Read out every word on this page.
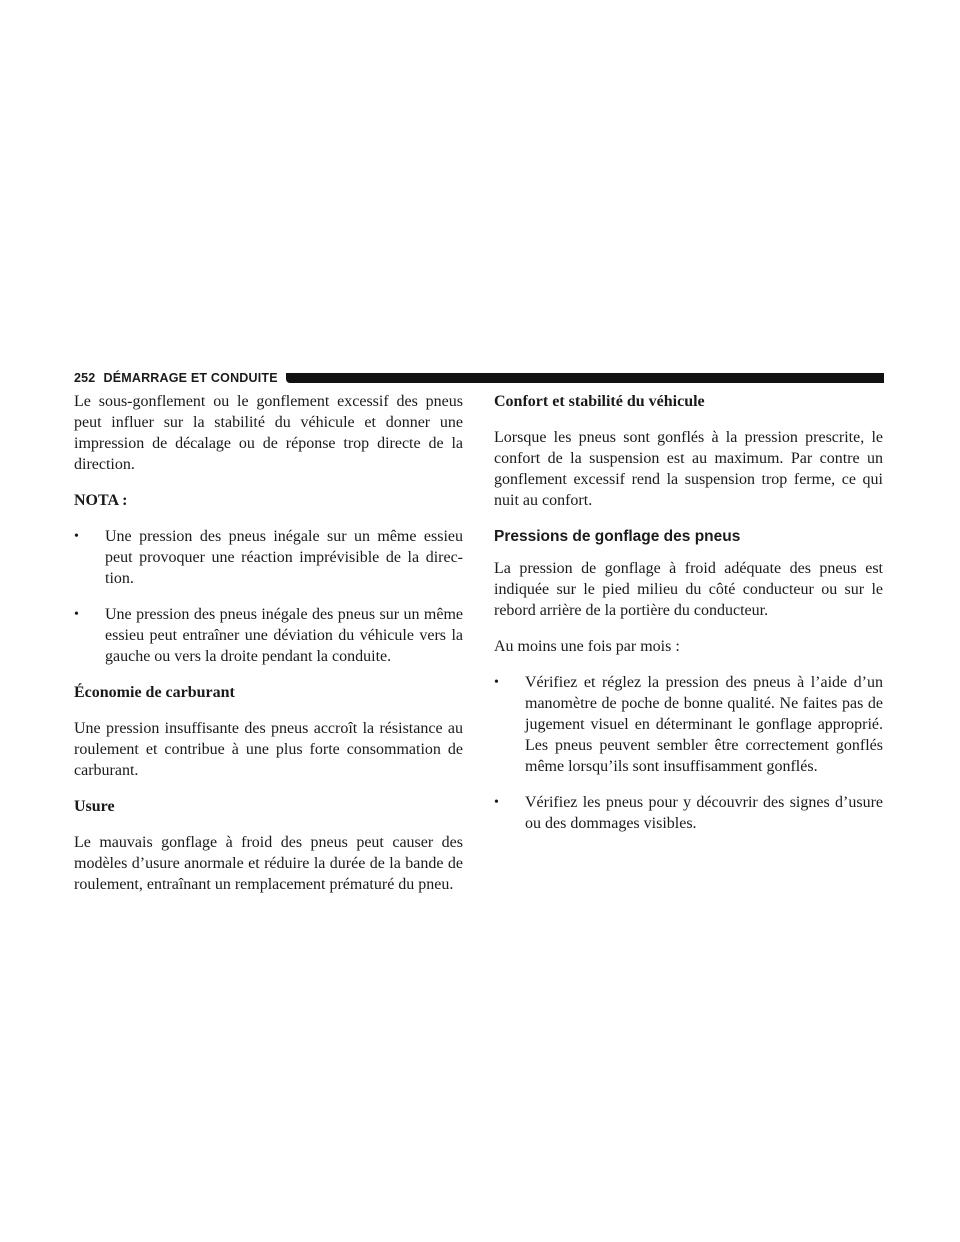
252 DÉMARRAGE ET CONDUITE

Le sous-gonflement ou le gonflement excessif des pneus peut influer sur la stabilité du véhicule et donner une impression de décalage ou de réponse trop directe de la direction.

NOTA :
•	Une pression des pneus inégale sur un même essieu peut provoquer une réaction imprévisible de la direc-tion.
•	Une pression des pneus inégale des pneus sur un même essieu peut entraîner une déviation du véhicule vers la gauche ou vers la droite pendant la conduite.
Économie de carburant

Une pression insuffisante des pneus accroît la résistance au roulement et contribue à une plus forte consommation de carburant.

Usure

Le mauvais gonflage à froid des pneus peut causer des modèles d’usure anormale et réduire la durée de la bande de roulement, entraînant un remplacement prématuré du pneu.

Confort et stabilité du véhicule

Lorsque les pneus sont gonflés à la pression prescrite, le confort de la suspension est au maximum. Par contre un gonflement excessif rend la suspension trop ferme, ce qui nuit au confort.

Pressions de gonflage des pneus

La pression de gonflage à froid adéquate des pneus est indiquée sur le pied milieu du côté conducteur ou sur le rebord arrière de la portière du conducteur.

Au moins une fois par mois :

•	Vérifiez et réglez la pression des pneus à l’aide d’un manomètre de poche de bonne qualité. Ne faites pas de jugement visuel en déterminant le gonflage approprié. Les pneus peuvent sembler être correctement gonflés même lorsqu’ils sont insuffisamment gonflés.
•	Vérifiez les pneus pour y découvrir des signes d’usure ou des dommages visibles.
